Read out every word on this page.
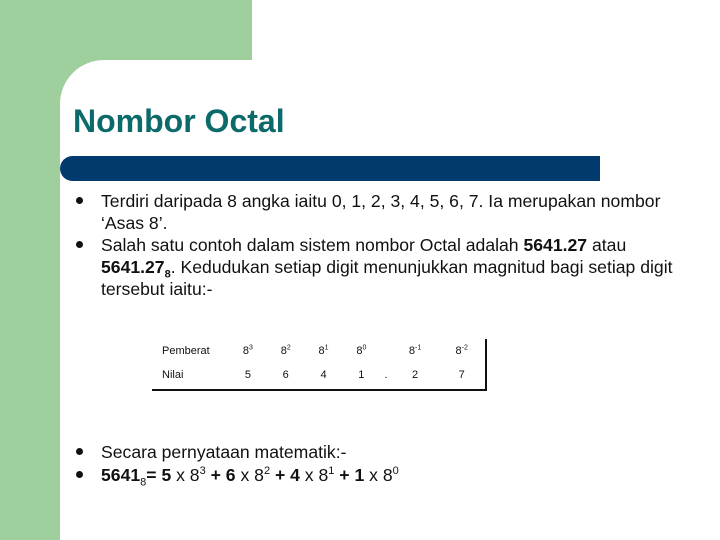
Nombor Octal
Terdiri daripada 8 angka iaitu 0, 1, 2, 3, 4, 5, 6, 7. Ia merupakan nombor ‘Asas 8’.
Salah satu contoh dalam sistem nombor Octal adalah 5641.27 atau $5641.27_8$. Kedudukan setiap digit menunjukkan magnitud bagi setiap digit tersebut iaitu:-
Pemberat	$8^3$	$8^2$	$8^1$	$8^0$		$8^{-1}$	$8^{-2}$
Nilai	5	6	4	1	.	2	7
Secara pernyataan matematik:-
$5641_8= 5$ x $8^3 + 6$ x $8^2 + 4$ x $8^1 + 1$ x $8^0$
